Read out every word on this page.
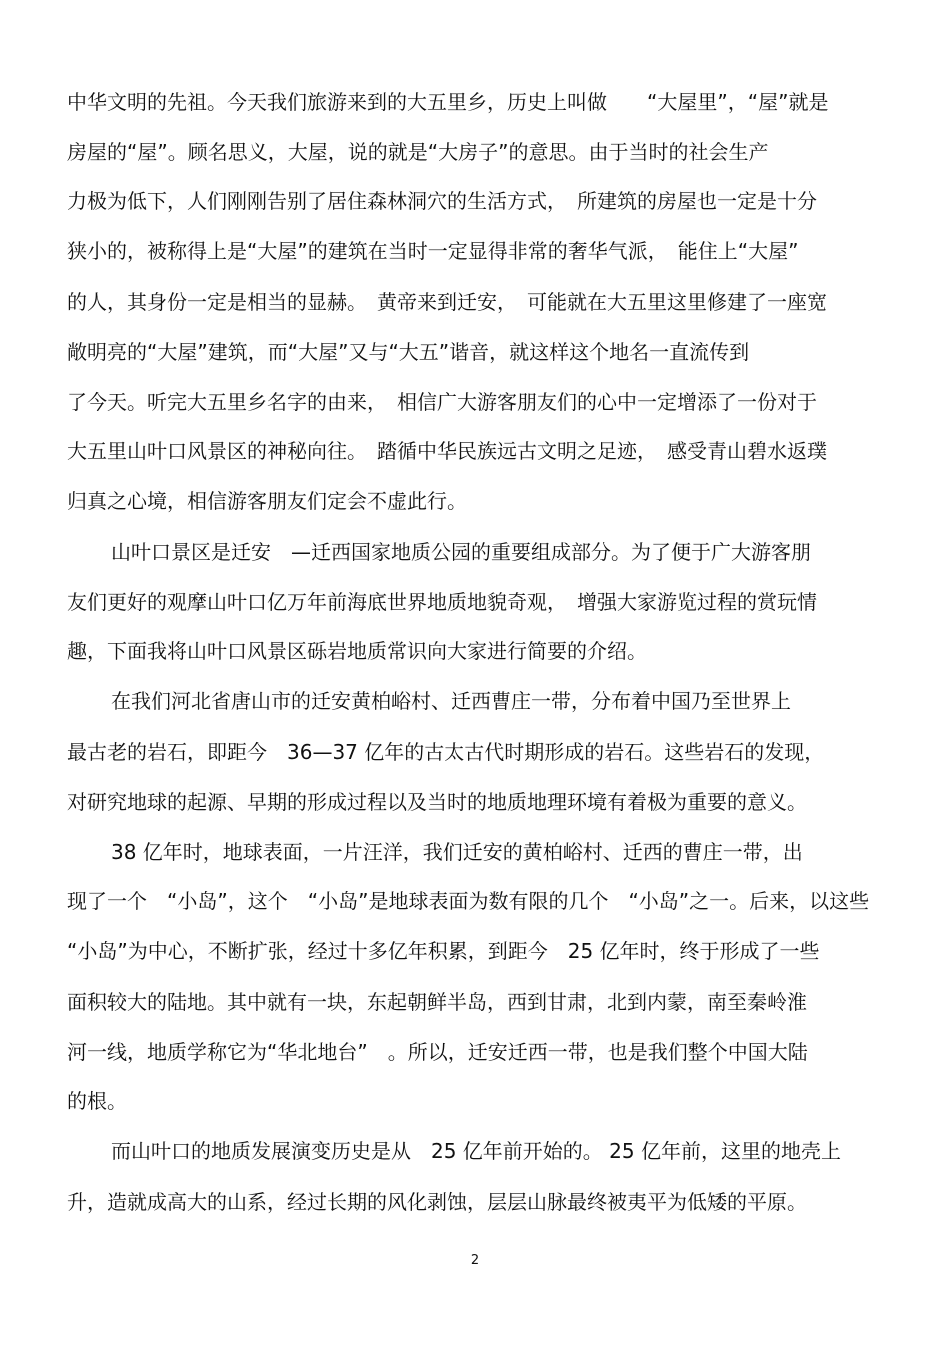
中华文明的先祖。今天我们旅游来到的大五里乡，历史上叫做　　“大屋里”，“屋”就是
房屋的“屋”。顾名思义，大屋，说的就是“大房子”的意思。由于当时的社会生产
力极为低下，人们刚刚告别了居住森林洞穴的生活方式，　所建筑的房屋也一定是十分
狭小的，被称得上是“大屋”的建筑在当时一定显得非常的奢华气派，　能住上“大屋”
的人，其身份一定是相当的显赫。　黄帝来到迁安，　可能就在大五里这里修建了一座宽
敞明亮的“大屋”建筑，而“大屋”又与“大五”谐音，就这样这个地名一直流传到
了今天。听完大五里乡名字的由来，　相信广大游客朋友们的心中一定增添了一份对于
大五里山叶口风景区的神秘向往。　踏循中华民族远古文明之足迹，　感受青山碧水返璞
归真之心境，相信游客朋友们定会不虚此行。
山叶口景区是迁安　—迁西国家地质公园的重要组成部分。为了便于广大游客朋
友们更好的观摩山叶口亿万年前海底世界地质地貌奇观，　增强大家游览过程的赏玩情
趣，下面我将山叶口风景区砾岩地质常识向大家进行简要的介绍。
在我们河北省唐山市的迁安黄柏峪村、迁西曹庄一带，分布着中国乃至世界上
最古老的岩石，即距今　36—37 亿年的古太古代时期形成的岩石。这些岩石的发现，
对研究地球的起源、早期的形成过程以及当时的地质地理环境有着极为重要的意义。
38 亿年时，地球表面，一片汪洋，我们迁安的黄柏峪村、迁西的曹庄一带，出
现了一个　“小岛”，这个　“小岛”是地球表面为数有限的几个　“小岛”之一。后来，以这些
“小岛”为中心，不断扩张，经过十多亿年积累，到距今　25 亿年时，终于形成了一些
面积较大的陆地。其中就有一块，东起朝鲜半岛，西到甘肃，北到内蒙，南至秦岭淮
河一线，地质学称它为“华北地台”　。所以，迁安迁西一带，也是我们整个中国大陆
的根。
而山叶口的地质发展演变历史是从　25 亿年前开始的。 25 亿年前，这里的地壳上
升，造就成高大的山系，经过长期的风化剥蚀，层层山脉最终被夷平为低矮的平原。
2
